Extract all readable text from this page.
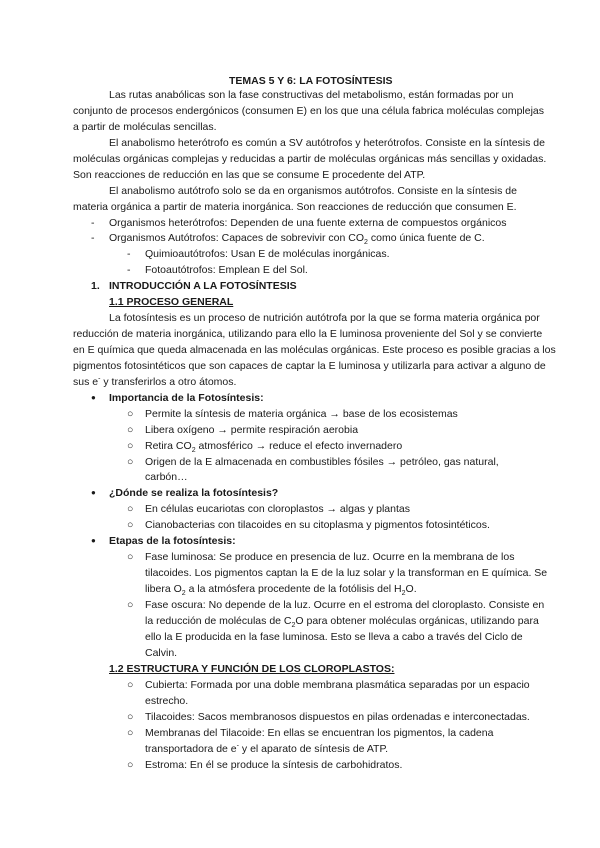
TEMAS 5 Y 6: LA FOTOSÍNTESIS
Las rutas anabólicas son la fase constructivas del metabolismo, están formadas por un
conjunto de procesos endergónicos (consumen E) en los que una célula fabrica moléculas complejas
a partir de moléculas sencillas.
El anabolismo heterótrofo es común a SV autótrofos y heterótrofos. Consiste en la síntesis de
moléculas orgánicas complejas y reducidas a partir de moléculas orgánicas más sencillas y oxidadas.
Son reacciones de reducción en las que se consume E procedente del ATP.
El anabolismo autótrofo solo se da en organismos autótrofos. Consiste en la síntesis de
materia orgánica a partir de materia inorgánica. Son reacciones de reducción que consumen E.
- Organismos heterótrofos: Dependen de una fuente externa de compuestos orgánicos
- Organismos Autótrofos: Capaces de sobrevivir con $CO_2$ como única fuente de C.
- Quimioautótrofos: Usan E de moléculas inorgánicas.
- Fotoautótrofos: Emplean E del Sol.
1. INTRODUCCIÓN A LA FOTOSÍNTESIS
1.1 PROCESO GENERAL
La fotosíntesis es un proceso de nutrición autótrofa por la que se forma materia orgánica por
reducción de materia inorgánica, utilizando para ello la E luminosa proveniente del Sol y se convierte
en E química que queda almacenada en las moléculas orgánicas. Este proceso es posible gracias a los
pigmentos fotosintéticos que son capaces de captar la E luminosa y utilizarla para activar a alguno de
sus e- y transferirlos a otro átomos.
● Importancia de la Fotosíntesis:
○ Permite la síntesis de materia orgánica → base de los ecosistemas
○ Libera oxígeno → permite respiración aerobia
○ Retira $CO_2$ atmosférico → reduce el efecto invernadero
○ Origen de la E almacenada en combustibles fósiles → petróleo, gas natural,
carbón…
● ¿Dónde se realiza la fotosíntesis?
○ En células eucariotas con cloroplastos → algas y plantas
○ Cianobacterias con tilacoides en su citoplasma y pigmentos fotosintéticos.
● Etapas de la fotosíntesis:
○ Fase luminosa: Se produce en presencia de luz. Ocurre en la membrana de los
tilacoides. Los pigmentos captan la E de la luz solar y la transforman en E química. Se
libera $O_2$ a la atmósfera procedente de la fotólisis del $H_2O$.
○ Fase oscura: No depende de la luz. Ocurre en el estroma del cloroplasto. Consiste en
la reducción de moléculas de $C_2O$ para obtener moléculas orgánicas, utilizando para
ello la E producida en la fase luminosa. Esto se lleva a cabo a través del Ciclo de
Calvin.
1.2 ESTRUCTURA Y FUNCIÓN DE LOS CLOROPLASTOS:
○ Cubierta: Formada por una doble membrana plasmática separadas por un espacio
estrecho.
○ Tilacoides: Sacos membranosos dispuestos en pilas ordenadas e interconectadas.
○ Membranas del Tilacoide: En ellas se encuentran los pigmentos, la cadena
transportadora de e- y el aparato de síntesis de ATP.
○ Estroma: En él se produce la síntesis de carbohidratos.
